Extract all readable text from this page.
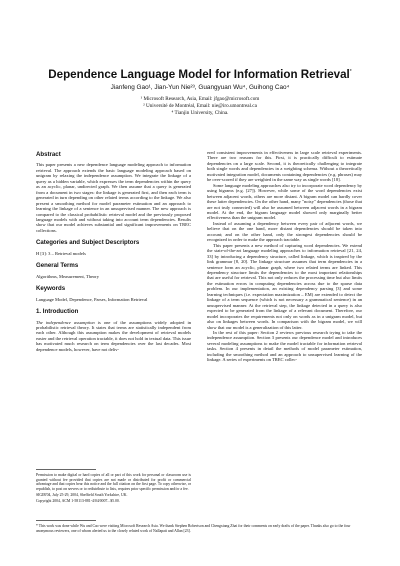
Dependence Language Model for Information Retrieval*
Jianfeng Gao¹, Jian-Yun Nie²³, Guangyuan Wu⁴, Guihong Cao⁴
¹ Microsoft Research, Asia, Email: jfgao@microsoft.com
² Université de Montréal, Email: nie@iro.umontreal.ca
⁴ Tianjin University, China.
Abstract

This paper presents a new dependence language modeling approach to information retrieval. The approach extends the basic language modeling approach based on unigram by relaxing the independence assumption. We integrate the linkage of a query as a hidden variable, which expresses the term dependencies within the query as an acyclic, planar, undirected graph. We then assume that a query is generated from a document in two stages: the linkage is generated first, and then each term is generated in turn depending on other related terms according to the linkage. We also present a smoothing method for model parameter estimation and an approach to learning the linkage of a sentence in an unsupervised manner. The new approach is compared to the classical probabilistic retrieval model and the previously proposed language models with and without taking into account term dependencies. Results show that our model achieves substantial and significant improvements on TREC collections.

Categories and Subject Descriptors

H [3]: 3 – Retrieval models

General Terms

Algorithms, Measurement, Theory

Keywords

Language Model, Dependence, Parses, Information Retrieval

1. Introduction

The independence assumption is one of the assumptions widely adopted in probabilistic retrieval theory. It states that terms are statistically independent from each other. Although this assumption makes the development of retrieval models easier and the retrieval operation tractable, it does not hold in textual data. This issue has motivated much research on term dependencies over the last decades. Most dependence models, however, have not deliv-

ered consistent improvements in effectiveness in large scale retrieval experiments. There are two reasons for this. First, it is practically difficult to estimate dependencies on a large scale. Second, it is theoretically challenging to integrate both single words and dependencies in a weighting schema. Without a theoretically motivated integration model, documents containing dependencies (e.g. phrases) may be over-scored if they are weighted in the same way as single words [18].

Some language modeling approaches also try to incorporate word dependency by using bigrams (e.g. [27]). However, while some of the word dependencies exist between adjacent words, others are more distant. A bigram model can hardly cover these latter dependencies. On the other hand, many "noisy" dependencies (those that are not truly connected) will also be assumed between adjacent words in a bigram model. At the end, the bigram language model showed only marginally better effectiveness than the unigram model.

Instead of assuming a dependency between every pair of adjacent words, we believe that on the one hand, more distant dependencies should be taken into account; and on the other hand, only the strongest dependencies should be recognized in order to make the approach tractable.

This paper presents a new method of capturing word dependencies. We extend the state-of-the-art language modeling approaches to information retrieval [21, 24, 33] by introducing a dependency structure, called linkage, which is inspired by the link grammar [8, 20]. The linkage structure assumes that term dependencies in a sentence form an acyclic, planar graph, where two related terms are linked. This dependency structure limits the dependencies to the most important relationships that are useful for retrieval. This not only reduces the processing time but also limits the estimation errors in computing dependencies across due to the sparse data problem. In our implementation, an existing dependency parsing [3] and some learning techniques (i.e. expectation maximization – EM) are extended to detect the linkage of a term sequence (which is not necessary a grammatical sentence) in an unsupervised manner. At the retrieval step, the linkage detected in a query is also expected to be generated from the linkage of a relevant document. Therefore, our model incorporates the requirements not only on words as in a unigram model, but also on linkages between words. In comparison with the bigram model, we will show that our model is a generalization of this latter.

In the rest of this paper: Section 2 reviews previous research trying to take the independence assumption. Section 3 presents our dependence model and introduces several modeling assumptions to make the model tractable for information retrieval tasks. Section 4 presents in detail the methods of model parameter estimation, including the smoothing method and an approach to unsupervised learning of the linkage. A series of experiments on TREC collec-

Permission to make digital or hard copies of all or part of this work for personal or classroom use is granted without fee provided that copies are not made or distributed for profit or commercial advantage and that copies bear this notice and the full citation on the first page. To copy otherwise, or republish, to post on servers or to redistribute to lists, requires prior specific permission and/or a fee.

SIGIR'04, July 25-29, 2004, Sheffield South Yorkshire, UK.

Copyright 2004, ACM 1-58113-881-4/04/0007...$5.00.

* This work was done while Wu and Cao were visiting Microsoft Research Asia. We thank Stephen Robertson and Chengxiang Zhai for their comments on early drafts of the paper. Thanks also go to the four anonymous reviewers, one of whom alerted us to the closely related work of Nallapati and Allan [23].
